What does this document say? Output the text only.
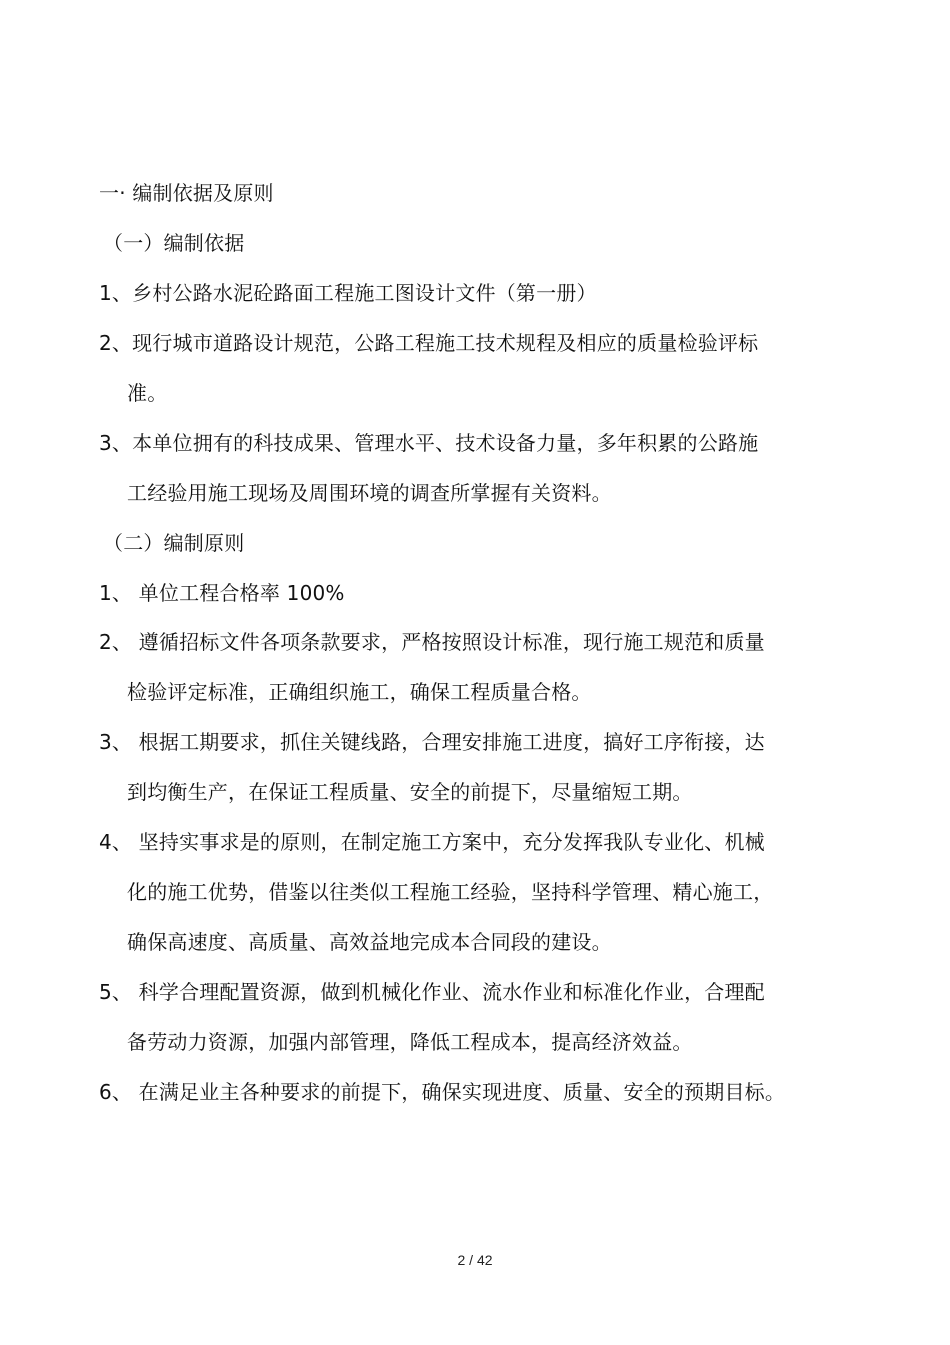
一· 编制依据及原则
（一）编制依据
1、乡村公路水泥砼路面工程施工图设计文件（第一册）
2、现行城市道路设计规范，公路工程施工技术规程及相应的质量检验评标
准。
3、本单位拥有的科技成果、管理水平、技术设备力量，多年积累的公路施
工经验用施工现场及周围环境的调查所掌握有关资料。
（二）编制原则
1、 单位工程合格率 100%
2、 遵循招标文件各项条款要求，严格按照设计标准，现行施工规范和质量
检验评定标准，正确组织施工，确保工程质量合格。
3、 根据工期要求，抓住关键线路，合理安排施工进度，搞好工序衔接，达
到均衡生产，在保证工程质量、安全的前提下，尽量缩短工期。
4、 坚持实事求是的原则，在制定施工方案中，充分发挥我队专业化、机械
化的施工优势，借鉴以往类似工程施工经验，坚持科学管理、精心施工，
确保高速度、高质量、高效益地完成本合同段的建设。
5、 科学合理配置资源，做到机械化作业、流水作业和标准化作业，合理配
备劳动力资源，加强内部管理，降低工程成本，提高经济效益。
6、 在满足业主各种要求的前提下，确保实现进度、质量、安全的预期目标。
2 / 42
